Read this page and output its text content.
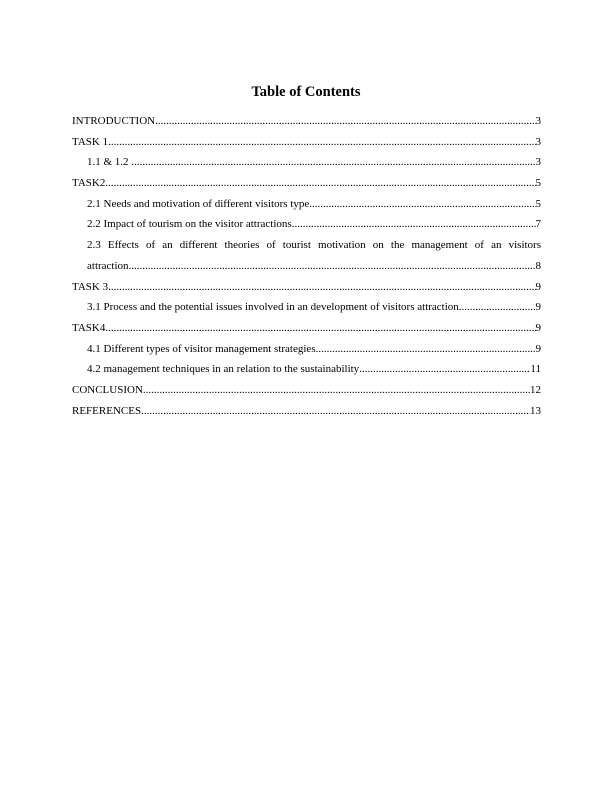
Table of Contents
INTRODUCTION .....	3
TASK 1 .....	3
1.1 & 1.2 .....	3
TASK2 .....	5
2.1 Needs and motivation of different visitors type .....	5
2.2 Impact of tourism on the visitor attractions .....	7
2.3 Effects of an different theories of tourist motivation on the management of an visitors
attraction .....	8
TASK 3 .....	9
3.1 Process and the potential issues involved in an development of visitors attraction .....	9
TASK4 .....	9
4.1 Different types of visitor management strategies .....	9
4.2 management techniques in an relation to the sustainability .....	11
CONCLUSION .....	12
REFERENCES .....	13
